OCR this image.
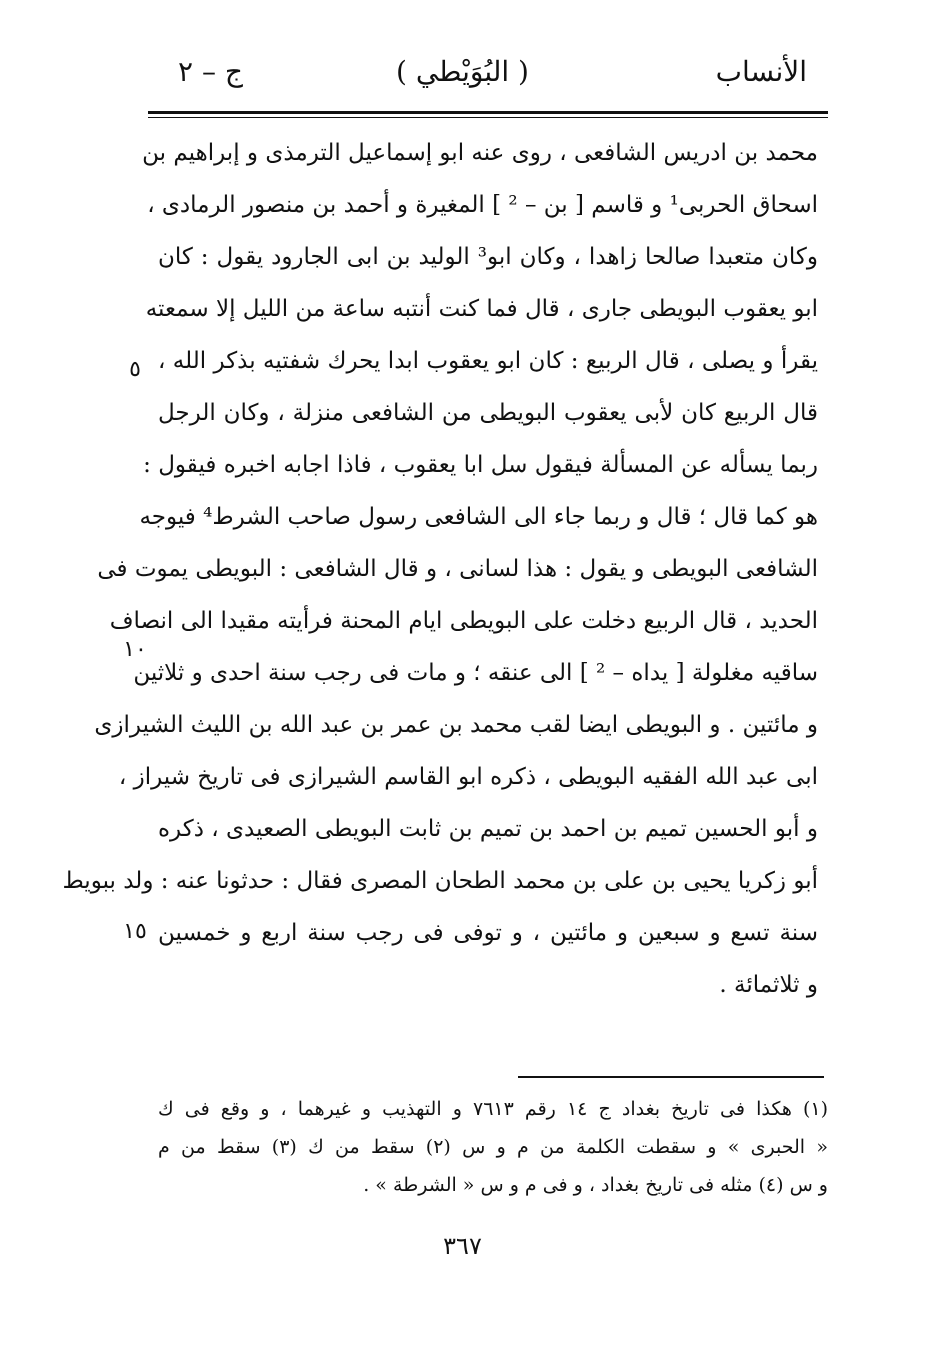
الأنساب
( البُوَيْطي )
ج – ٢
محمد بن ادريس الشافعى ، روى عنه ابو إسماعيل الترمذى و إبراهيم بن
اسحاق الحربى¹ و قاسم [ بن – ² ] المغيرة و أحمد بن منصور الرمادى ،
وكان متعبدا صالحا زاهدا ، وكان ابو³ الوليد بن ابى الجارود يقول : كان
ابو يعقوب البويطى جارى ، قال فما كنت أنتبه ساعة من الليل إلا سمعته
يقرأ و يصلى ، قال الربيع : كان ابو يعقوب ابدا يحرك شفتيه بذكر الله ،
قال الربيع كان لأبى يعقوب البويطى من الشافعى منزلة ، وكان الرجل
ربما يسأله عن المسألة فيقول سل ابا يعقوب ، فاذا اجابه اخبره فيقول :
هو كما قال ؛ قال و ربما جاء الى الشافعى رسول صاحب الشرط⁴ فيوجه
الشافعى البويطى و يقول : هذا لسانى ، و قال الشافعى : البويطى يموت فى
الحديد ، قال الربيع دخلت على البويطى ايام المحنة فرأيته مقيدا الى انصاف
ساقيه مغلولة [ يداه – ² ] الى عنقه ؛ و مات فى رجب سنة احدى و ثلاثين
و مائتين . و البويطى ايضا لقب محمد بن عمر بن عبد الله بن الليث الشيرازى
ابى عبد الله الفقيه البويطى ، ذكره ابو القاسم الشيرازى فى تاريخ شيراز ،
و أبو الحسين تميم بن احمد بن تميم بن ثابت البويطى الصعيدى ، ذكره
أبو زكريا يحيى بن على بن محمد الطحان المصرى فقال : حدثونا عنه : ولد ببويط
سنة تسع و سبعين و مائتين ، و توفى فى رجب سنة اربع و خمسين
و ثلاثمائة .
٥
١٠
١٥
(١) هكذا فى تاريخ بغداد ج ١٤ رقم ٧٦١٣ و التهذيب و غيرهما ، و وقع فى ك
« الحبرى » و سقطت الكلمة من م و س (٢) سقط من ك (٣) سقط من م
و س (٤) مثله فى تاريخ بغداد ، و فى م و س « الشرطة » .
٣٦٧
